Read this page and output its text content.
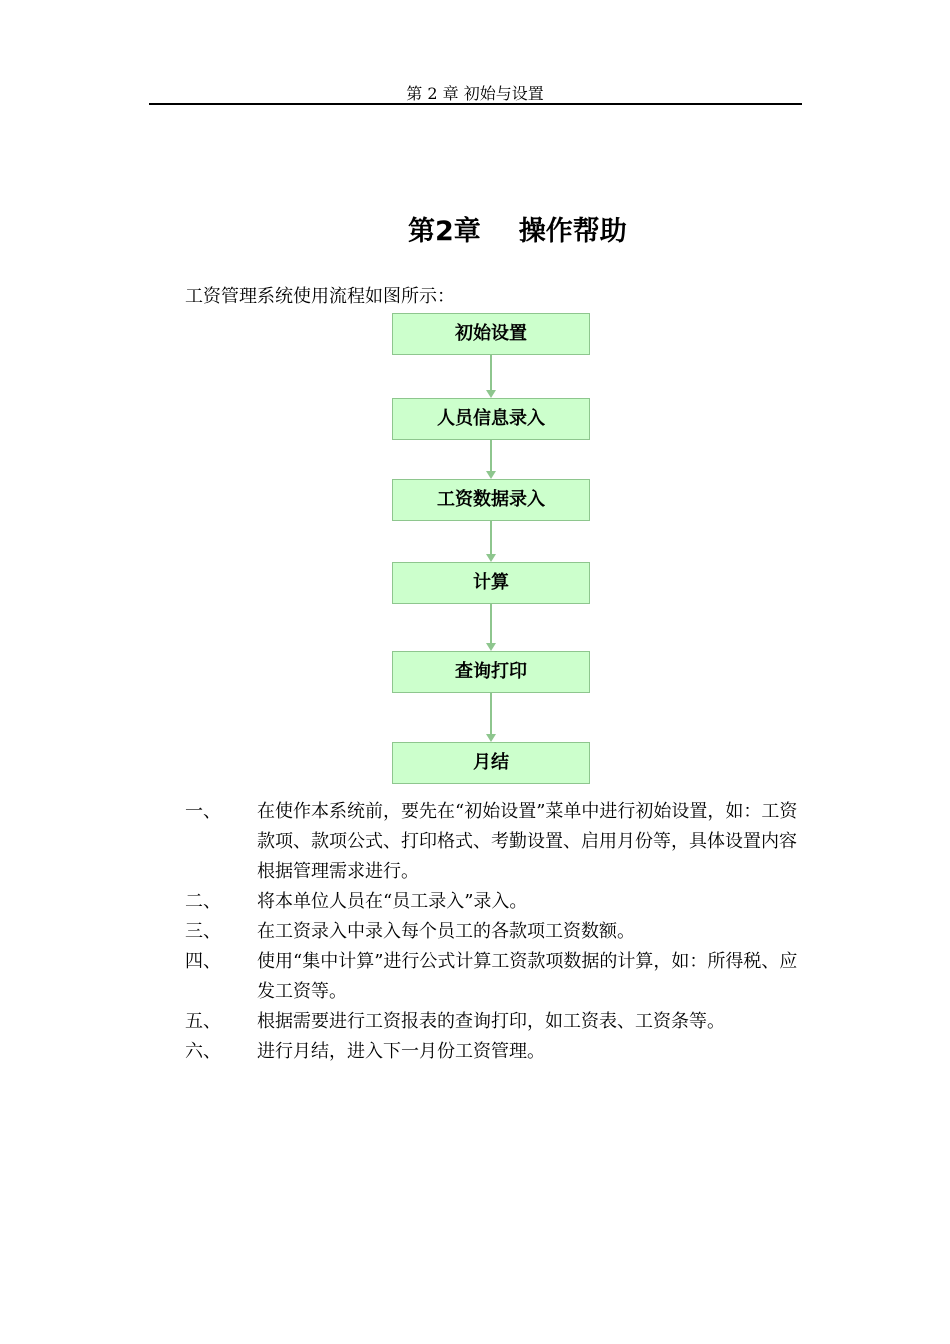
第 2 章 初始与设置
第2章 操作帮助
工资管理系统使用流程如图所示：
初始设置
人员信息录入
工资数据录入
计算
查询打印
月结
一、 在使作本系统前，要先在“初始设置”菜单中进行初始设置，如：工资款项、款项公式、打印格式、考勤设置、启用月份等，具体设置内容根据管理需求进行。
二、 将本单位人员在“员工录入”录入。
三、 在工资录入中录入每个员工的各款项工资数额。
四、 使用“集中计算”进行公式计算工资款项数据的计算，如：所得税、应发工资等。
五、 根据需要进行工资报表的查询打印，如工资表、工资条等。
六、 进行月结，进入下一月份工资管理。
